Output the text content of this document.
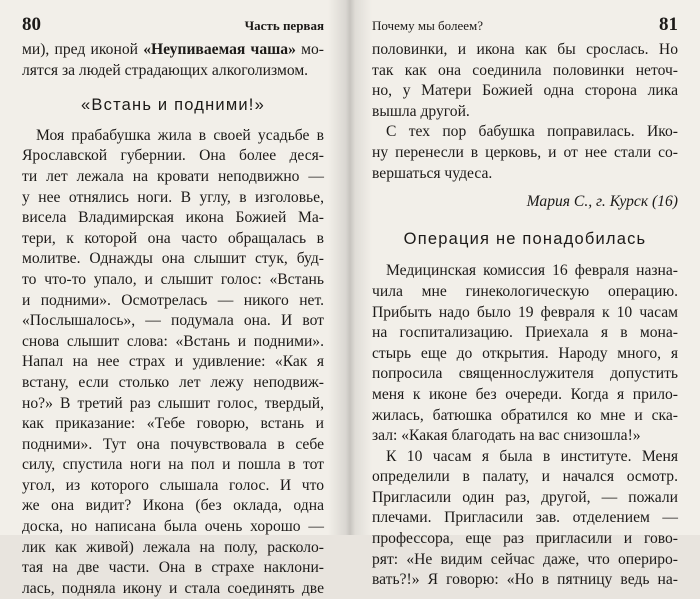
80	Часть первая
ми), пред иконой «Неупиваемая чаша» мо-
лятся за людей страдающих алкоголизмом.
«Встань и подними!»
Моя прабабушка жила в своей усадьбе в
Ярославской губернии. Она более деся-
ти лет лежала на кровати неподвижно —
у нее отнялись ноги. В углу, в изголовье,
висела Владимирская икона Божией Ма-
тери, к которой она часто обращалась в
молитве. Однажды она слышит стук, буд-
то что-то упало, и слышит голос: «Встань
и подними». Осмотрелась — никого нет.
«Послышалось», — подумала она. И вот
снова слышит слова: «Встань и подними».
Напал на нее страх и удивление: «Как я
встану, если столько лет лежу неподвиж-
но?» В третий раз слышит голос, твердый,
как приказание: «Тебе говорю, встань и
подними». Тут она почувствовала в себе
силу, спустила ноги на пол и пошла в тот
угол, из которого слышала голос. И что
же она видит? Икона (без оклада, одна
доска, но написана была очень хорошо —
лик как живой) лежала на полу, расколо-
тая на две части. Она в страхе наклони-
лась, подняла икону и стала соединять две
Почему мы болеем?	81
половинки, и икона как бы срослась. Но
так как она соединила половинки неточ-
но, у Матери Божией одна сторона лика
вышла другой.
С тех пор бабушка поправилась. Ико-
ну перенесли в церковь, и от нее стали со-
вершаться чудеса.
Мария С., г. Курск (16)
Операция не понадобилась
Медицинская комиссия 16 февраля назна-
чила мне гинекологическую операцию.
Прибыть надо было 19 февраля к 10 часам
на госпитализацию. Приехала я в мона-
стырь еще до открытия. Народу много, я
попросила священнослужителя допустить
меня к иконе без очереди. Когда я прило-
жилась, батюшка обратился ко мне и ска-
зал: «Какая благодать на вас снизошла!»
К 10 часам я была в институте. Меня
определили в палату, и начался осмотр.
Пригласили один раз, другой, — пожали
плечами. Пригласили зав. отделением —
профессора, еще раз пригласили и гово-
рят: «Не видим сейчас даже, что опериро-
вать?!» Я говорю: «Но в пятницу ведь на-
